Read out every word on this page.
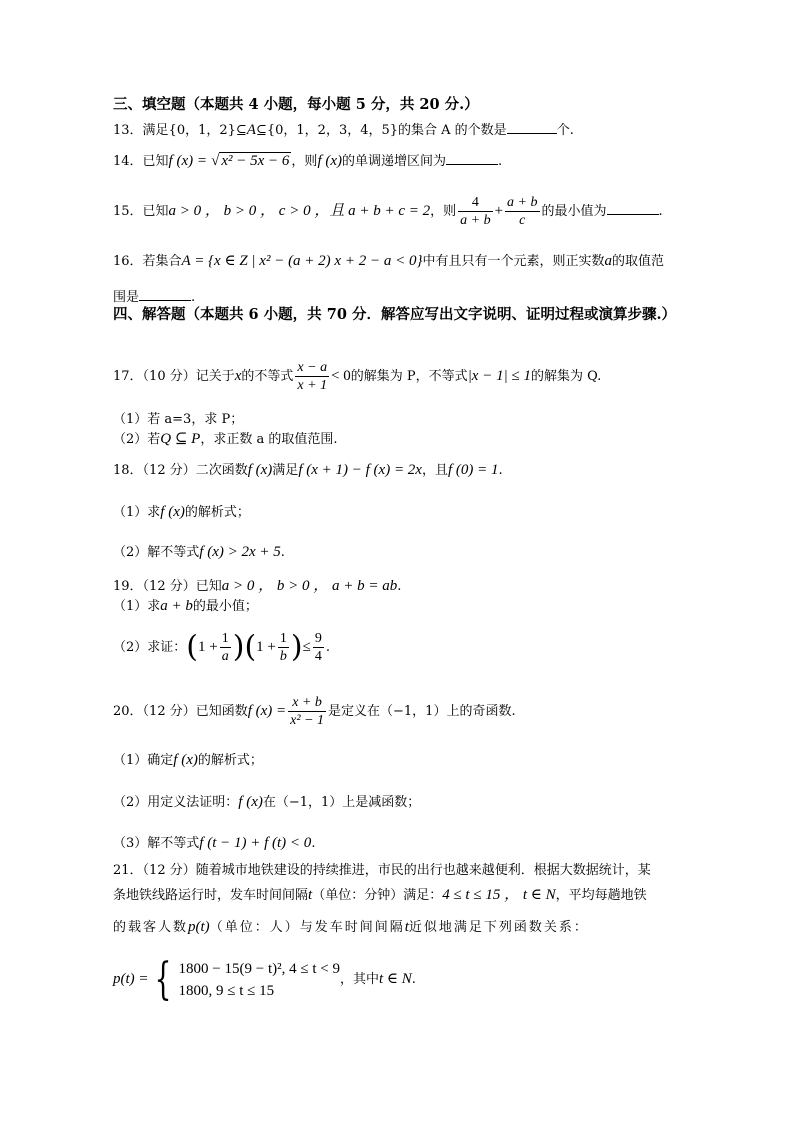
三、填空题（本题共 4 小题，每小题 5 分，共 20 分.）
13．满足{0，1，2}⊆A⊆{0，1，2，3，4，5}的集合 A 的个数是	个.
14．已知f (x) = √ x² − 5x − 6 ，则f (x)的单调递增区间为	.
15．已知a > 0 ， b > 0 ， c > 0 ，且 a + b + c = 2，则 $\frac{4}{a + b} + \frac{a + b}{c}$ 的最小值为	.
16．若集合A = {x ∈ Z | x² − (a + 2) x + 2 − a < 0}中有且只有一个元素，则正实数a的取值范
围是	.
四、解答题（本题共 6 小题，共 70 分．解答应写出文字说明、证明过程或演算步骤.）
17．（10 分）记关于x的不等式 $\frac{x - a}{x + 1} < 0$的解集为 P，不等式|x − 1| ≤ 1的解集为 Q.
（1）若 a=3，求 P；
（2）若Q ⊆ P，求正数 a 的取值范围.
18．（12 分）二次函数f (x)满足f (x + 1) − f (x) = 2x，且f (0) = 1.
（1）求f (x)的解析式；
（2）解不等式f (x) > 2x + 5.
19．（12 分）已知a > 0 ， b > 0 ， a + b = ab.
（1）求a + b的最小值；
（2）求证：$(1 + \frac{1}{a} )(1 + \frac{1}{b}$ )≤ $\frac{9}{4}$ .
20．（12 分）已知函数f $(x) = \frac{x + b}{\text{x² − 1}}$ 是定义在（−1，1）上的奇函数.
（1）确定f (x)的解析式；
（2）用定义法证明：f (x)在（−1，1）上是减函数；
（3）解不等式f (t − 1) + f (t) < 0.
21．（12 分）随着城市地铁建设的持续推进，市民的出行也越来越便利．根据大数据统计，某
条地铁线路运行时，发车时间间隔t（单位：分钟）满足：4 ≤ t ≤ 15 ， t ∈ N，平均每趟地铁
的载客人数p(t)（单位：人）与发车时间间隔t近似地满足下列函数关系：
p(t) = { 1800 − 15(9 − t)², 4 ≤ t < 9
1800, 9 ≤ t ≤ 15
，其中t ∈ N.
